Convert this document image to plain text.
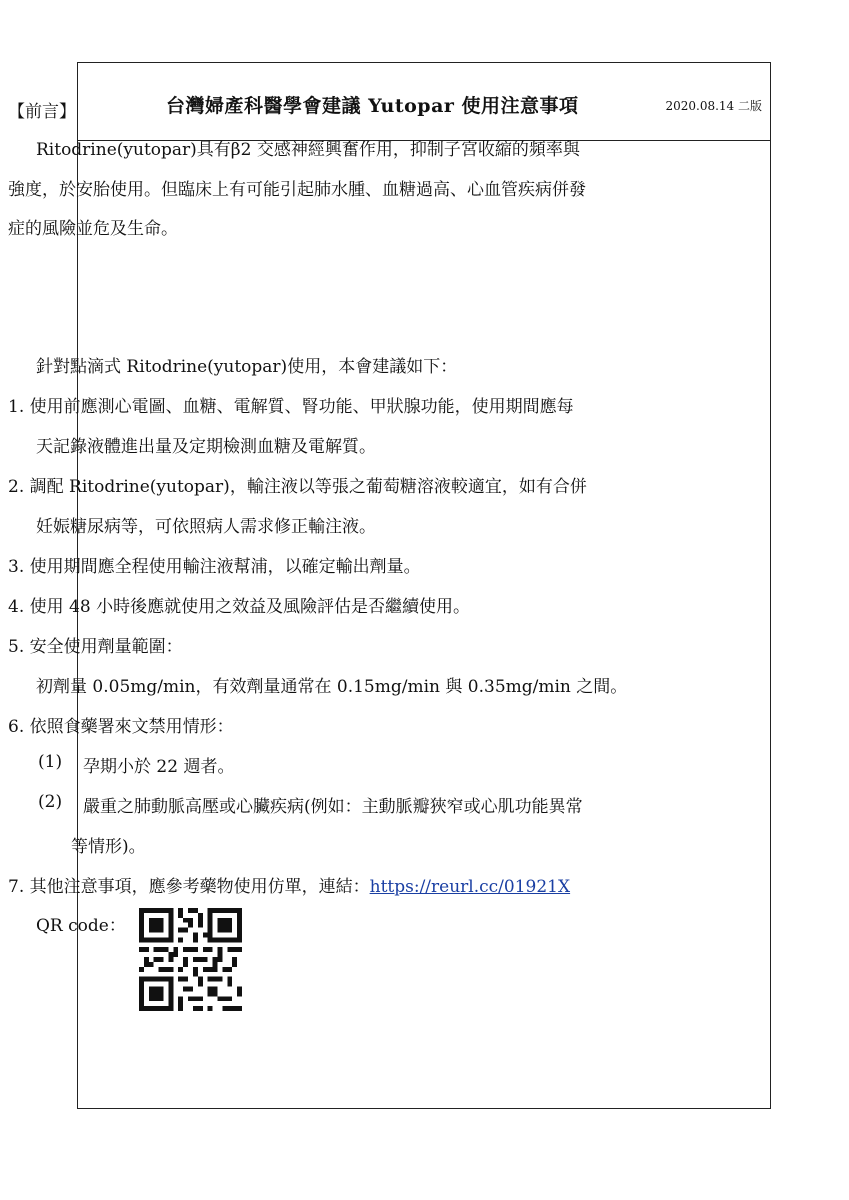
台灣婦產科醫學會建議 Yutopar 使用注意事項	2020.08.14 二版
【前言】
Ritodrine(yutopar)具有β2 交感神經興奮作用，抑制子宮收縮的頻率與
強度，於安胎使用。但臨床上有可能引起肺水腫、血糖過高、心血管疾病併發
症的風險並危及生命。
針對點滴式 Ritodrine(yutopar)使用，本會建議如下：
1. 使用前應測心電圖、血糖、電解質、腎功能、甲狀腺功能，使用期間應每
天記錄液體進出量及定期檢測血糖及電解質。
2. 調配 Ritodrine(yutopar)，輸注液以等張之葡萄糖溶液較適宜，如有合併
妊娠糖尿病等，可依照病人需求修正輸注液。
3. 使用期間應全程使用輸注液幫浦，以確定輸出劑量。
4. 使用 48 小時後應就使用之效益及風險評估是否繼續使用。
5. 安全使用劑量範圍：
初劑量 0.05mg/min，有效劑量通常在 0.15mg/min 與 0.35mg/min 之間。
6. 依照食藥署來文禁用情形：
(1) 孕期小於 22 週者。
(2) 嚴重之肺動脈高壓或心臟疾病(例如：主動脈瓣狹窄或心肌功能異常
等情形)。
7. 其他注意事項，應參考藥物使用仿單，連結：https://reurl.cc/01921X
QR code：
